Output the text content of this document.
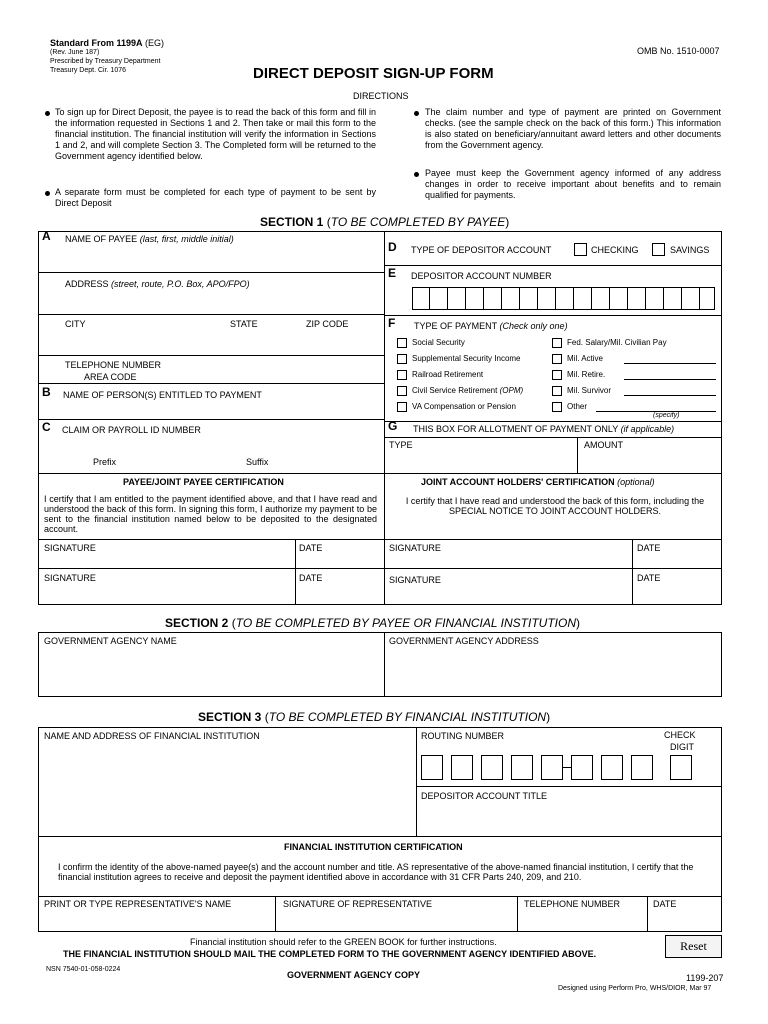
Standard From 1199A (EG)
(Rev. June 187)
Prescribed by Treasury Department
Treasury Dept. Cir. 1076
OMB No. 1510-0007
DIRECT DEPOSIT SIGN-UP FORM
DIRECTIONS
To sign up for Direct Deposit, the payee is to read the back of this form and fill in the information requested in Sections 1 and 2. Then take or mail this form to the financial institution. The financial institution will verify the information in Sections 1 and 2, and will complete Section 3. The Completed form will be returned to the Government agency identified below.
A separate form must be completed for each type of payment to be sent by Direct Deposit
The claim number and type of payment are printed on Government checks. (see the sample check on the back of this form.) This information is also stated on beneficiary/annuitant award letters and other documents from the Government agency.
Payee must keep the Government agency informed of any address changes in order to receive important about benefits and to remain qualified for payments.
SECTION 1 (TO BE COMPLETED BY PAYEE)
A NAME OF PAYEE (last, first, middle initial)
ADDRESS (street, route, P.O. Box, APO/FPO)
CITY	STATE	ZIP CODE
TELEPHONE NUMBER
AREA CODE
B NAME OF PERSON(S) ENTITLED TO PAYMENT
C CLAIM OR PAYROLL ID NUMBER
Prefix	Suffix
D TYPE OF DEPOSITOR ACCOUNT	CHECKING	SAVINGS
E DEPOSITOR ACCOUNT NUMBER
F TYPE OF PAYMENT (Check only one)
Social Security
Supplemental Security Income
Railroad Retirement
Civil Service Retirement (OPM)
VA Compensation or Pension
Fed. Salary/Mil. Civilian Pay
Mil. Active
Mil. Retire.
Mil. Survivor
Other
(specify)
G THIS BOX FOR ALLOTMENT OF PAYMENT ONLY (if applicable)
TYPE	AMOUNT
PAYEE/JOINT PAYEE CERTIFICATION
I certify that I am entitled to the payment identified above, and that I have read and understood the back of this form. In signing this form, I authorize my payment to be sent to the financial institution named below to be deposited to the designated account.
JOINT ACCOUNT HOLDERS' CERTIFICATION (optional)
I certify that I have read and understood the back of this form, including the SPECIAL NOTICE TO JOINT ACCOUNT HOLDERS.
SIGNATURE	DATE	SIGNATURE	DATE
SIGNATURE	DATE	SIGNATURE	DATE
SECTION 2 (TO BE COMPLETED BY PAYEE OR FINANCIAL INSTITUTION)
GOVERNMENT AGENCY NAME	GOVERNMENT AGENCY ADDRESS
SECTION 3 (TO BE COMPLETED BY FINANCIAL INSTITUTION)
NAME AND ADDRESS OF FINANCIAL INSTITUTION	ROUTING NUMBER	CHECK
DIGIT
DEPOSITOR ACCOUNT TITLE
FINANCIAL INSTITUTION CERTIFICATION
I confirm the identity of the above-named payee(s) and the account number and title. AS representative of the above-named financial institution, I certify that the financial institution agrees to receive and deposit the payment identified above in accordance with 31 CFR Parts 240, 209, and 210.
PRINT OR TYPE REPRESENTATIVE'S NAME	SIGNATURE OF REPRESENTATIVE	TELEPHONE NUMBER	DATE
Financial institution should refer to the GREEN BOOK for further instructions.
THE FINANCIAL INSTITUTION SHOULD MAIL THE COMPLETED FORM TO THE GOVERNMENT AGENCY IDENTIFIED ABOVE.
Reset
NSN 7540-01-058-0224
GOVERNMENT AGENCY COPY	1199-207
Designed using Perform Pro, WHS/DIOR, Mar 97
